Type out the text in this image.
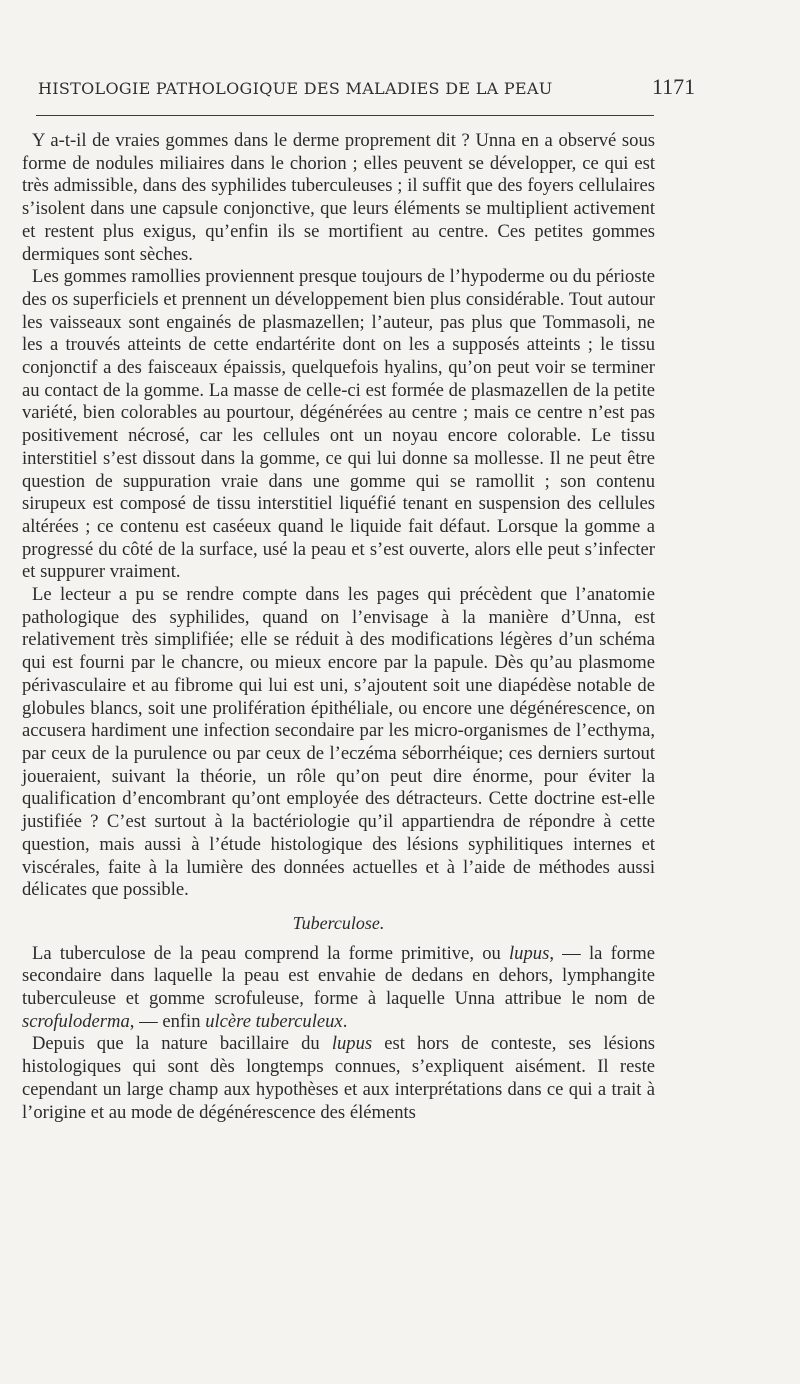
HISTOLOGIE PATHOLOGIQUE DES MALADIES DE LA PEAU	1171

Y a-t-il de vraies gommes dans le derme proprement dit ? Unna en a observé sous forme de nodules miliaires dans le chorion ; elles peuvent se développer, ce qui est très admissible, dans des syphilides tuberculeuses ; il suffit que des foyers cellulaires s’isolent dans une capsule conjonctive, que leurs éléments se multiplient activement et restent plus exigus, qu’enfin ils se mortifient au centre. Ces petites gommes dermiques sont sèches.

Les gommes ramollies proviennent presque toujours de l’hypoderme ou du périoste des os superficiels et prennent un développement bien plus considérable. Tout autour les vaisseaux sont engainés de plasmazellen; l’auteur, pas plus que Tommasoli, ne les a trouvés atteints de cette endartérite dont on les a supposés atteints ; le tissu conjonctif a des faisceaux épaissis, quelquefois hyalins, qu’on peut voir se terminer au contact de la gomme. La masse de celle-ci est formée de plasmazellen de la petite variété, bien colorables au pourtour, dégénérées au centre ; mais ce centre n’est pas positivement nécrosé, car les cellules ont un noyau encore colorable. Le tissu interstitiel s’est dissout dans la gomme, ce qui lui donne sa mollesse. Il ne peut être question de suppuration vraie dans une gomme qui se ramollit ; son contenu sirupeux est composé de tissu interstitiel liquéfié tenant en suspension des cellules altérées ; ce contenu est caséeux quand le liquide fait défaut. Lorsque la gomme a progressé du côté de la surface, usé la peau et s’est ouverte, alors elle peut s’infecter et suppurer vraiment.

Le lecteur a pu se rendre compte dans les pages qui précèdent que l’anatomie pathologique des syphilides, quand on l’envisage à la manière d’Unna, est relativement très simplifiée; elle se réduit à des modifications légères d’un schéma qui est fourni par le chancre, ou mieux encore par la papule. Dès qu’au plasmome périvasculaire et au fibrome qui lui est uni, s’ajoutent soit une diapédèse notable de globules blancs, soit une prolifération épithéliale, ou encore une dégénérescence, on accusera hardiment une infection secondaire par les micro-organismes de l’ecthyma, par ceux de la purulence ou par ceux de l’eczéma séborrhéique; ces derniers surtout joueraient, suivant la théorie, un rôle qu’on peut dire énorme, pour éviter la qualification d’encombrant qu’ont employée des détracteurs. Cette doctrine est-elle justifiée ? C’est surtout à la bactériologie qu’il appartiendra de répondre à cette question, mais aussi à l’étude histologique des lésions syphilitiques internes et viscérales, faite à la lumière des données actuelles et à l’aide de méthodes aussi délicates que possible.

Tuberculose.

La tuberculose de la peau comprend la forme primitive, ou lupus, — la forme secondaire dans laquelle la peau est envahie de dedans en dehors, lymphangite tuberculeuse et gomme scrofuleuse, forme à laquelle Unna attribue le nom de scrofuloderma, — enfin ulcère tuberculeux.

Depuis que la nature bacillaire du lupus est hors de conteste, ses lésions histologiques qui sont dès longtemps connues, s’expliquent aisément. Il reste cependant un large champ aux hypothèses et aux interprétations dans ce qui a trait à l’origine et au mode de dégénérescence des éléments
